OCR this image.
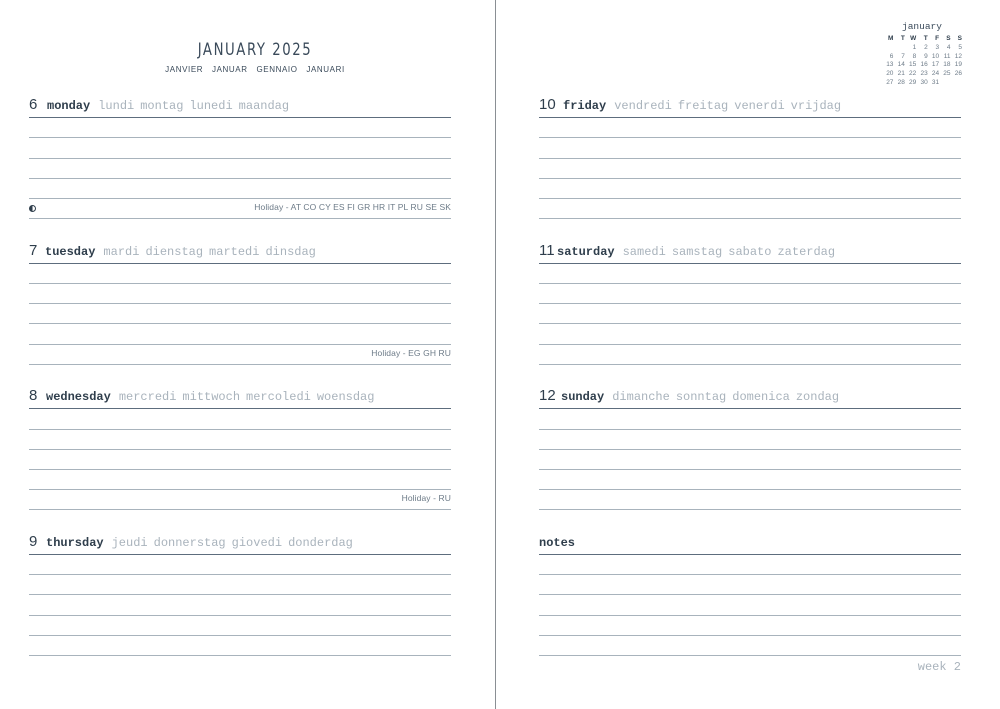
JANUARY 2025
JANVIER JANUAR GENNAIO JANUARI
6 monday lundi montag lunedi maandag
Holiday - AT CO CY ES FI GR HR IT PL RU SE SK
7 tuesday mardi dienstag martedi dinsdag
Holiday - EG GH RU
8 wednesday mercredi mittwoch mercoledi woensdag
Holiday - RU
9 thursday jeudi donnerstag giovedi donderdag
january
M	T	W	T	F	S	S
		1	2	3	4	5
6	7	8	9	10	11	12
13	14	15	16	17	18	19
20	21	22	23	24	25	26
27	28	29	30	31		
10 friday vendredi freitag venerdi vrijdag
11 saturday samedi samstag sabato zaterdag
12 sunday dimanche sonntag domenica zondag
notes
week 2
